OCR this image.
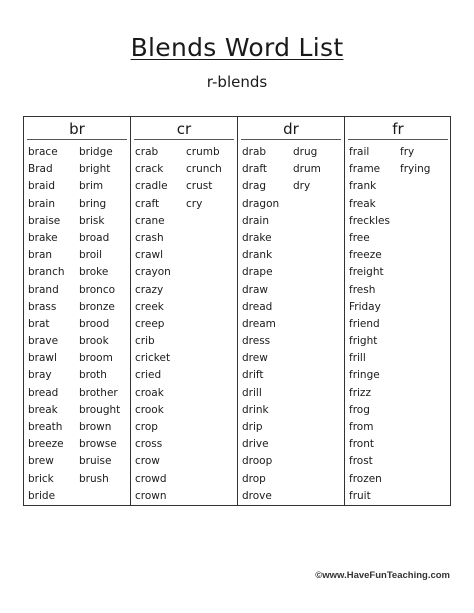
Blends Word List
r-blends
br
brace
Brad
braid
brain
braise
brake
bran
branch
brand
brass
brat
brave
brawl
bray
bread
break
breath
breeze
brew
brick
bride
bridge
bright
brim
bring
brisk
broad
broil
broke
bronco
bronze
brood
brook
broom
broth
brother
brought
brown
browse
bruise
brush
cr
crab
crack
cradle
craft
crane
crash
crawl
crayon
crazy
creek
creep
crib
cricket
cried
croak
crook
crop
cross
crow
crowd
crown
crumb
crunch
crust
cry
dr
drab
draft
drag
dragon
drain
drake
drank
drape
draw
dread
dream
dress
drew
drift
drill
drink
drip
drive
droop
drop
drove
drug
drum
dry
fr
frail
frame
frank
freak
freckles
free
freeze
freight
fresh
Friday
friend
fright
frill
fringe
frizz
frog
from
front
frost
frozen
fruit
fry
frying
©www.HaveFunTeaching.com
